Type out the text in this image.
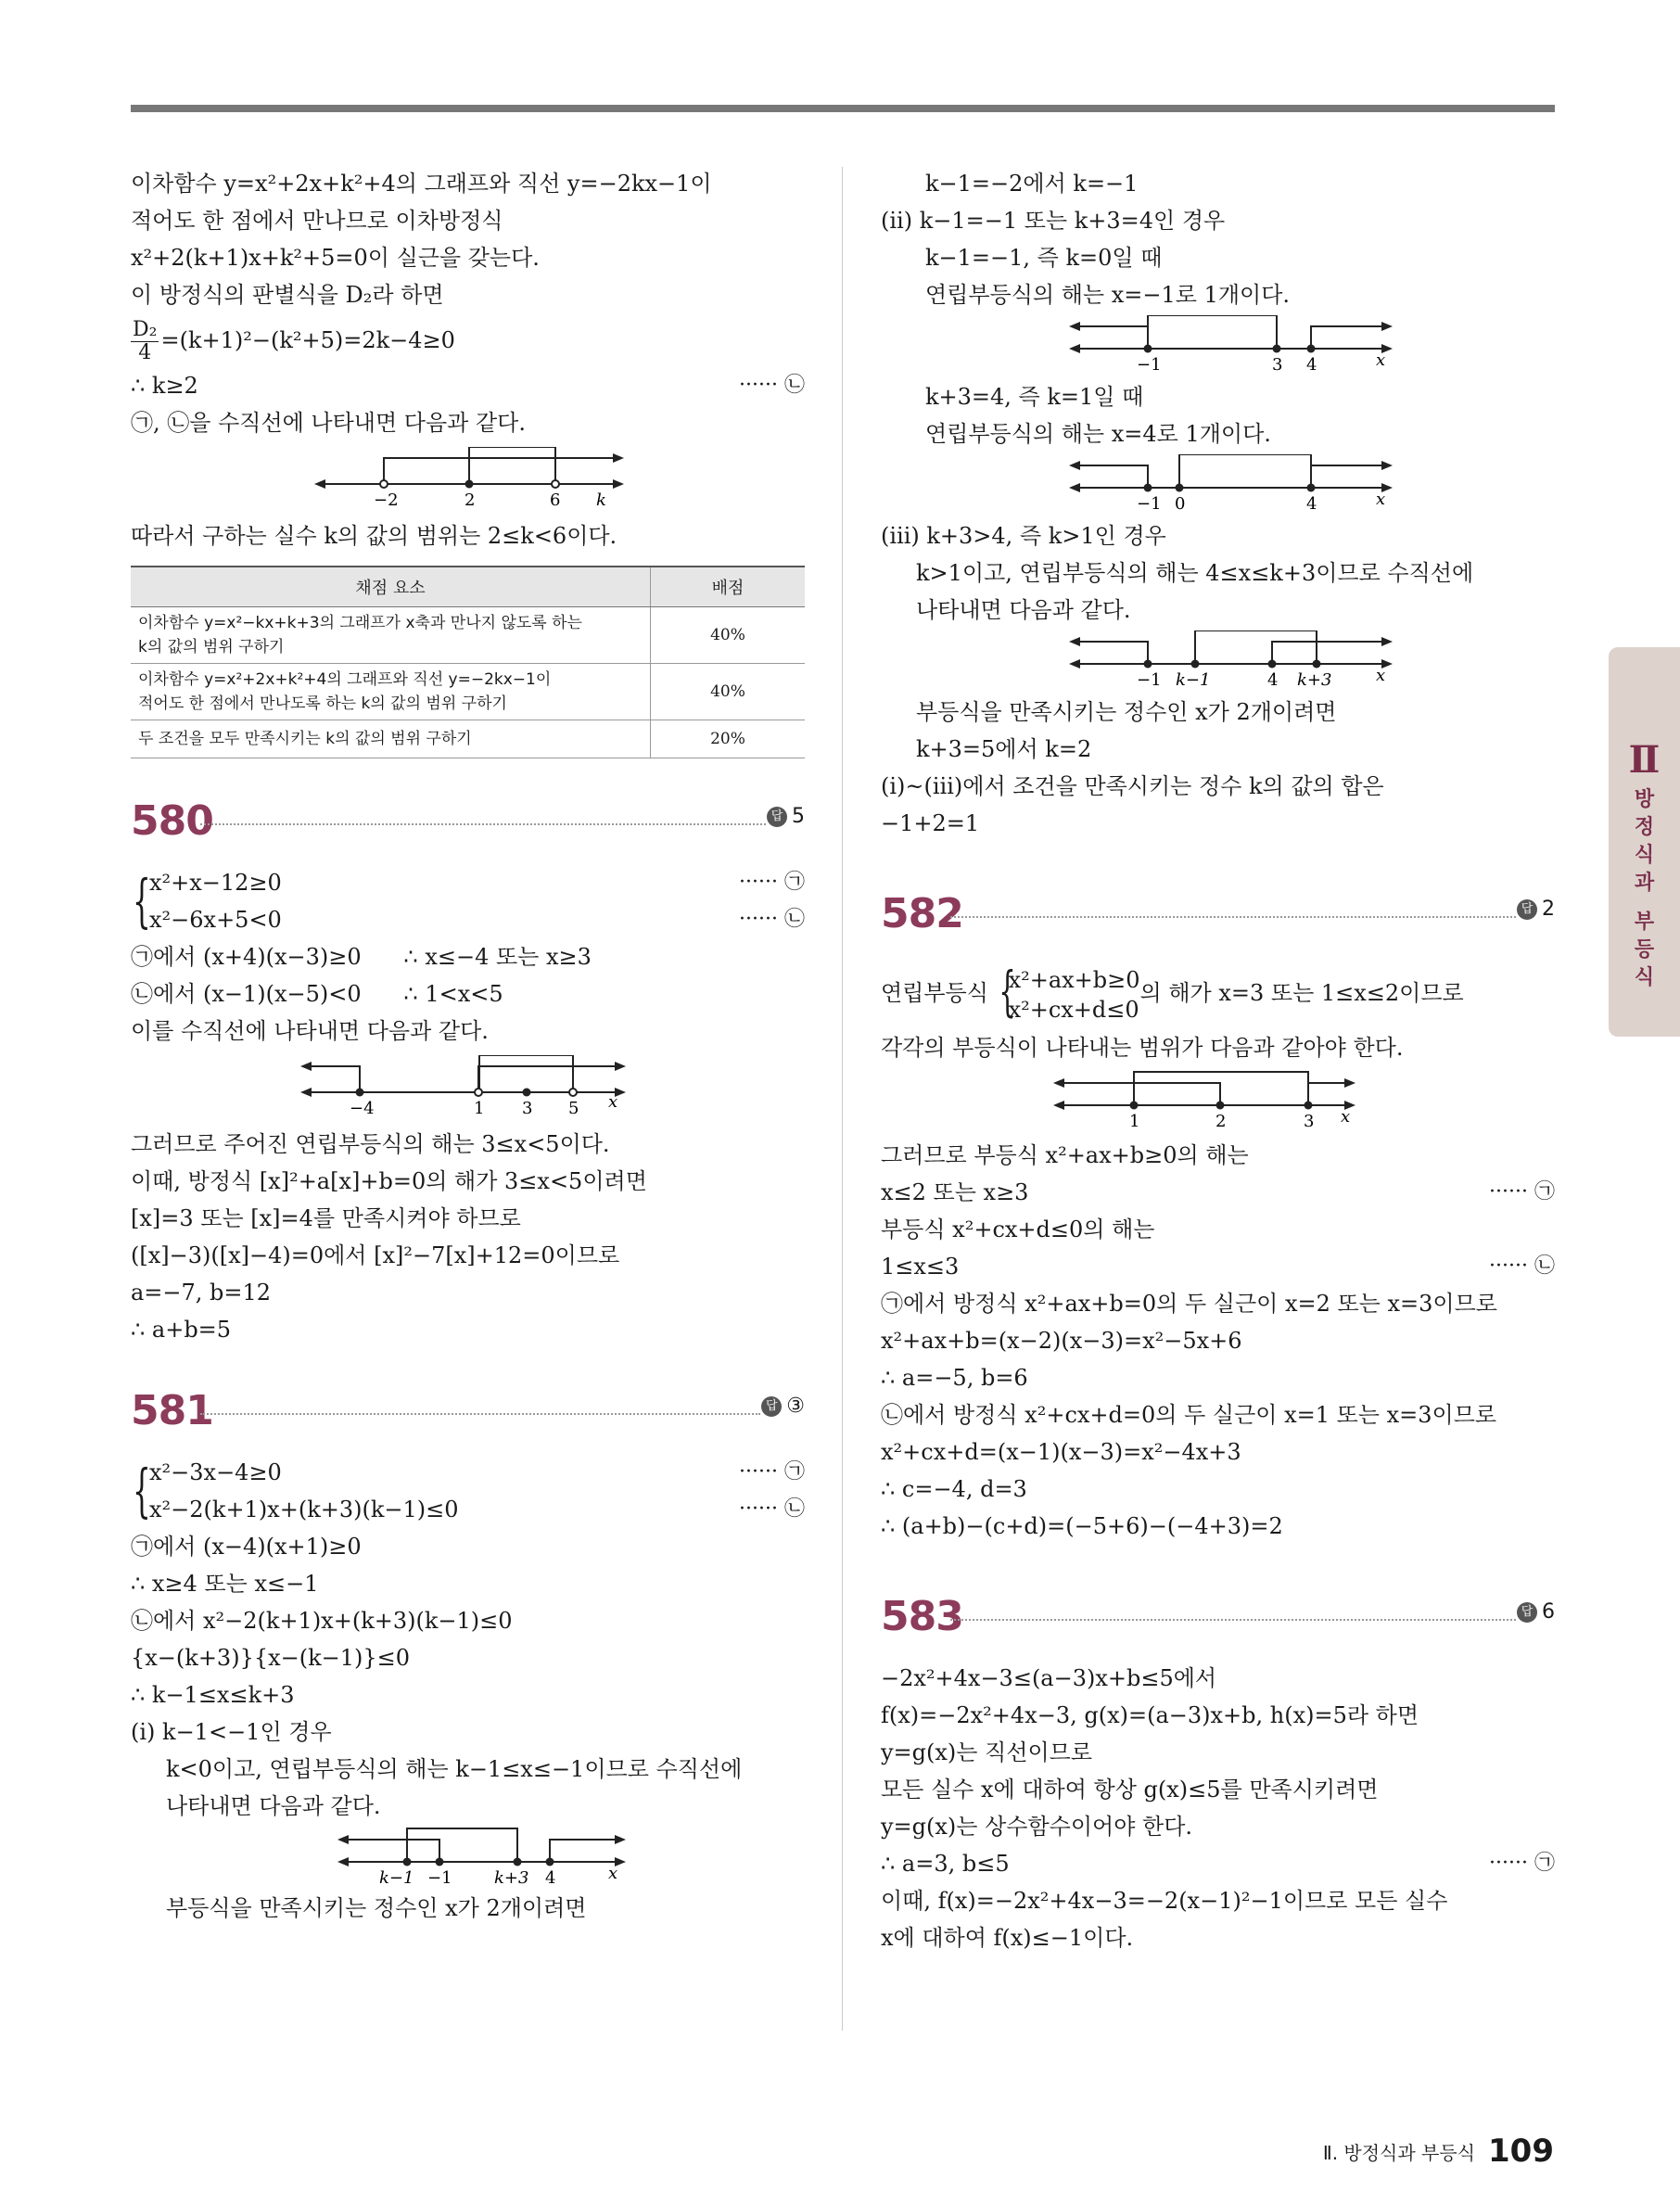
이차함수 y=x²+2x+k²+4의 그래프와 직선 y=−2kx−1이
적어도 한 점에서 만나므로 이차방정식
x²+2(k+1)x+k²+5=0이 실근을 갖는다.
이 방정식의 판별식을 D₂라 하면
$\frac{\text{D₂}}{4} =(k+1)^2-(k^2+5)=2k-4\ge 0$
∴ k≥2	······ ㉡
㉠, ㉡을 수직선에 나타내면 다음과 같다.
−2	2	6 k
따라서 구하는 실수 k의 값의 범위는 2≤k<6이다.
채점 요소	배점
이차함수 y=x²−kx+k+3의 그래프가 x축과 만나지 않도록 하는
k의 값의 범위 구하기	40%
이차함수 y=x²+2x+k²+4의 그래프와 직선 y=−2kx−1이
적어도 한 점에서 만나도록 하는 k의 값의 범위 구하기	40%
두 조건을 모두 만족시키는 k의 값의 범위 구하기	20%
580	답 5
{
x²+x−12≥0	······ ㉠
x²−6x+5<0	······ ㉡
㉠에서 (x+4)(x−3)≥0      ∴ x≤−4 또는 x≥3
㉡에서 (x−1)(x−5)<0      ∴ 1<x<5
이를 수직선에 나타내면 다음과 같다.
−4	1 3 5 x
그러므로 주어진 연립부등식의 해는 3≤x<5이다.
이때, 방정식 [x]²+a[x]+b=0의 해가 3≤x<5이려면
[x]=3 또는 [x]=4를 만족시켜야 하므로
([x]−3)([x]−4)=0에서 [x]²−7[x]+12=0이므로
a=−7, b=12
∴ a+b=5
581	답 ③
{
x²−3x−4≥0	······ ㉠
x²−2(k+1)x+(k+3)(k−1)≤0	······ ㉡
㉠에서 (x−4)(x+1)≥0
∴ x≥4 또는 x≤−1
㉡에서 x²−2(k+1)x+(k+3)(k−1)≤0
{x−(k+3)}{x−(k−1)}≤0
∴ k−1≤x≤k+3
(ⅰ) k−1<−1인 경우
k<0이고, 연립부등식의 해는 k−1≤x≤−1이므로 수직선에
나타내면 다음과 같다.
k−1 −1	k+3 4	x
부등식을 만족시키는 정수인 x가 2개이려면
k−1=−2에서 k=−1
(ⅱ) k−1=−1 또는 k+3=4인 경우
k−1=−1, 즉 k=0일 때
연립부등식의 해는 x=−1로 1개이다.
−1	3 4	x
k+3=4, 즉 k=1일 때
연립부등식의 해는 x=4로 1개이다.
−1 0	4	x
(ⅲ) k+3>4, 즉 k>1인 경우
k>1이고, 연립부등식의 해는 4≤x≤k+3이므로 수직선에
나타내면 다음과 같다.
−1 k−1	4 k+3	x
부등식을 만족시키는 정수인 x가 2개이려면
k+3=5에서 k=2
(ⅰ)~(ⅲ)에서 조건을 만족시키는 정수 k의 값의 합은
−1+2=1
582	답 2
연립부등식 { x²+ax+b≥0
x²+cx+d≤0의 해가 x=3 또는 1≤x≤2이므로
각각의 부등식이 나타내는 범위가 다음과 같아야 한다.
1	2	3 x
그러므로 부등식 x²+ax+b≥0의 해는
x≤2 또는 x≥3	······ ㉠
부등식 x²+cx+d≤0의 해는
1≤x≤3	······ ㉡
㉠에서 방정식 x²+ax+b=0의 두 실근이 x=2 또는 x=3이므로
x²+ax+b=(x−2)(x−3)=x²−5x+6
∴ a=−5, b=6
㉡에서 방정식 x²+cx+d=0의 두 실근이 x=1 또는 x=3이므로
x²+cx+d=(x−1)(x−3)=x²−4x+3
∴ c=−4, d=3
∴ (a+b)−(c+d)=(−5+6)−(−4+3)=2
583	답 6
−2x²+4x−3≤(a−3)x+b≤5에서
f(x)=−2x²+4x−3, g(x)=(a−3)x+b, h(x)=5라 하면
y=g(x)는 직선이므로
모든 실수 x에 대하여 항상 g(x)≤5를 만족시키려면
y=g(x)는 상수함수이어야 한다.
∴ a=3, b≤5	······ ㉠
이때, f(x)=−2x²+4x−3=−2(x−1)²−1이므로 모든 실수
x에 대하여 f(x)≤−1이다.
Ⅱ
방
정
식
과
부
등
식
Ⅱ. 방정식과 부등식 109
